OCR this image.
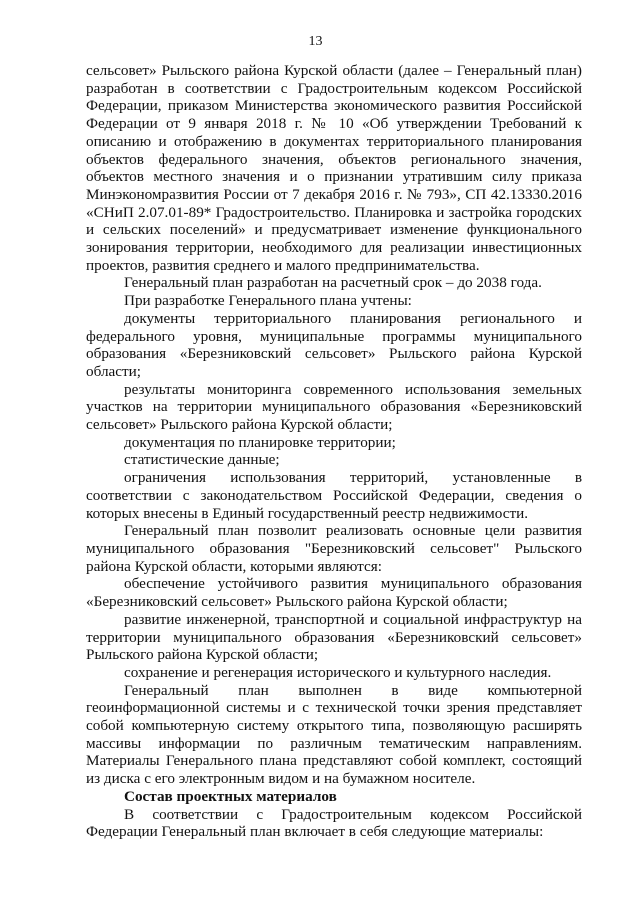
13

сельсовет» Рыльского района Курской области (далее – Генеральный план) разработан в соответствии с Градостроительным кодексом Российской Федерации, приказом Министерства экономического развития Российской Федерации от 9 января 2018 г. № 10 «Об утверждении Требований к описанию и отображению в документах территориального планирования объектов федерального значения, объектов регионального значения, объектов местного значения и о признании утратившим силу приказа Минэкономразвития России от 7 декабря 2016 г. № 793», СП 42.13330.2016 «СНиП 2.07.01-89* Градостроительство. Планировка и застройка городских и сельских поселений» и предусматривает изменение функционального зонирования территории, необходимого для реализации инвестиционных проектов, развития среднего и малого предпринимательства.

Генеральный план разработан на расчетный срок – до 2038 года.

При разработке Генерального плана учтены:

документы территориального планирования регионального и федерального уровня, муниципальные программы муниципального образования «Березниковский сельсовет» Рыльского района Курской области;

результаты мониторинга современного использования земельных участков на территории муниципального образования «Березниковский сельсовет» Рыльского района Курской области;

документация по планировке территории;

статистические данные;

ограничения использования территорий, установленные в соответствии с законодательством Российской Федерации, сведения о которых внесены в Единый государственный реестр недвижимости.

Генеральный план позволит реализовать основные цели развития муниципального образования "Березниковский сельсовет" Рыльского района Курской области, которыми являются:

обеспечение устойчивого развития муниципального образования «Березниковский сельсовет» Рыльского района Курской области;

развитие инженерной, транспортной и социальной инфраструктур на территории муниципального образования «Березниковский сельсовет» Рыльского района Курской области;

сохранение и регенерация исторического и культурного наследия.

Генеральный план выполнен в виде компьютерной геоинформационной системы и с технической точки зрения представляет собой компьютерную систему открытого типа, позволяющую расширять массивы информации по различным тематическим направлениям. Материалы Генерального плана представляют собой комплект, состоящий из диска с его электронным видом и на бумажном носителе.

Состав проектных материалов

В соответствии с Градостроительным кодексом Российской Федерации Генеральный план включает в себя следующие материалы:
